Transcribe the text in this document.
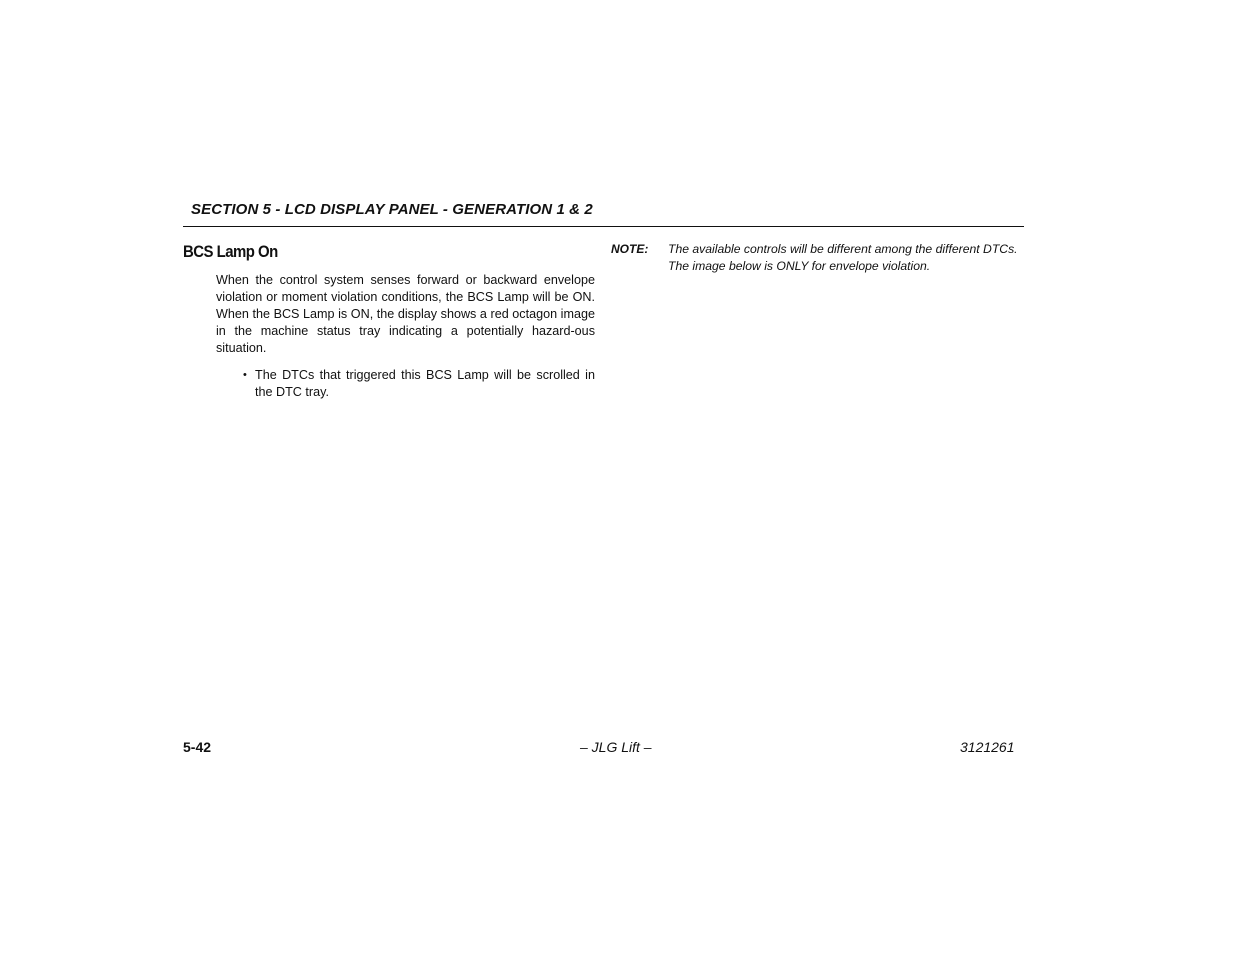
SECTION 5 - LCD DISPLAY PANEL - GENERATION 1 & 2
BCS Lamp On

When the control system senses forward or backward envelope violation or moment violation conditions, the BCS Lamp will be ON. When the BCS Lamp is ON, the display shows a red octagon image in the machine status tray indicating a potentially hazard-ous situation.

• The DTCs that triggered this BCS Lamp will be scrolled in the DTC tray.
NOTE: The available controls will be different among the different DTCs. The image below is ONLY for envelope violation.

5-42	– JLG Lift –	3121261
